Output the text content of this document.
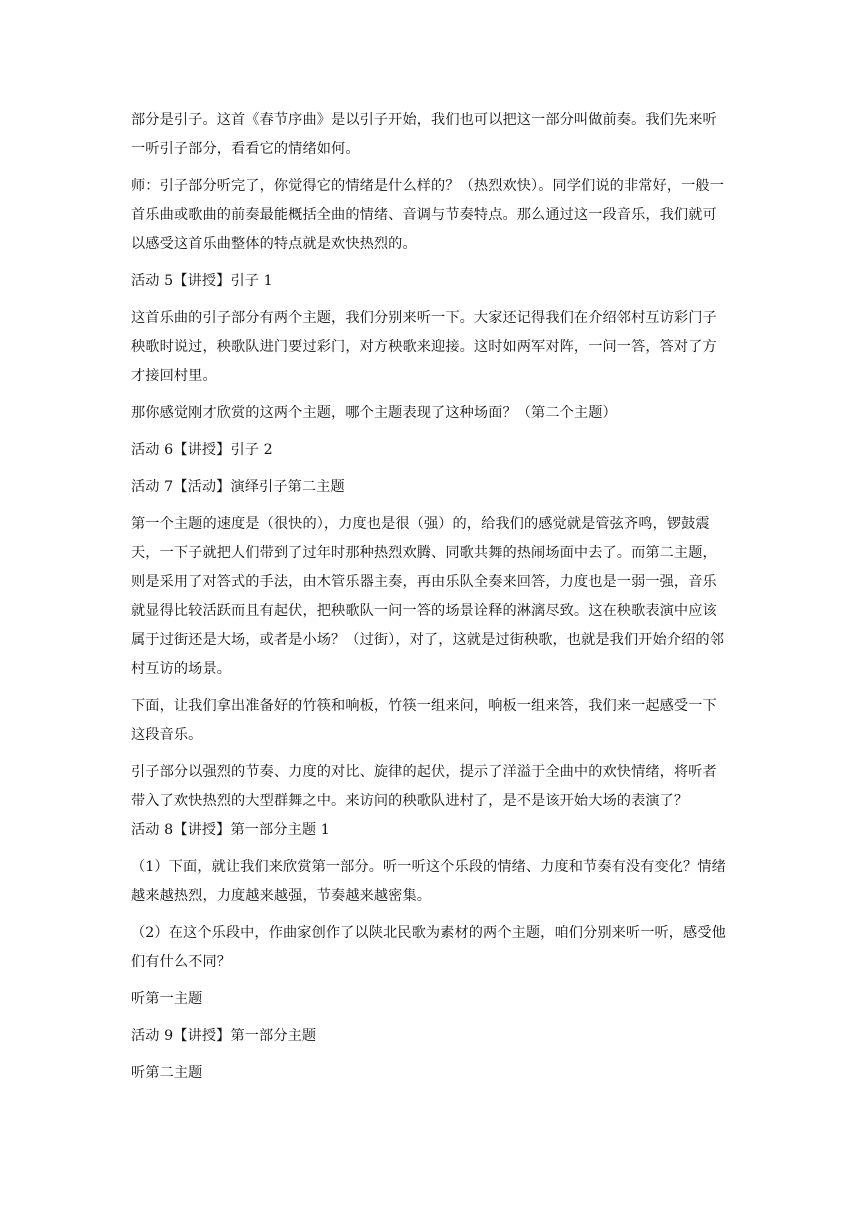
部分是引子。这首《春节序曲》是以引子开始，我们也可以把这一部分叫做前奏。我们先来听一听引子部分，看看它的情绪如何。

师：引子部分听完了，你觉得它的情绪是什么样的？（热烈欢快）。同学们说的非常好，一般一首乐曲或歌曲的前奏最能概括全曲的情绪、音调与节奏特点。那么通过这一段音乐，我们就可以感受这首乐曲整体的特点就是欢快热烈的。

活动 5【讲授】引子 1

这首乐曲的引子部分有两个主题，我们分别来听一下。大家还记得我们在介绍邻村互访彩门子秧歌时说过，秧歌队进门要过彩门，对方秧歌来迎接。这时如两军对阵，一问一答，答对了方才接回村里。

那你感觉刚才欣赏的这两个主题，哪个主题表现了这种场面？（第二个主题）

活动 6【讲授】引子 2

活动 7【活动】演绎引子第二主题

第一个主题的速度是（很快的），力度也是很（强）的，给我们的感觉就是管弦齐鸣，锣鼓震天，一下子就把人们带到了过年时那种热烈欢腾、同歌共舞的热闹场面中去了。而第二主题，则是采用了对答式的手法，由木管乐器主奏，再由乐队全奏来回答，力度也是一弱一强，音乐就显得比较活跃而且有起伏，把秧歌队一问一答的场景诠释的淋漓尽致。这在秧歌表演中应该属于过街还是大场，或者是小场？（过街），对了，这就是过街秧歌，也就是我们开始介绍的邻村互访的场景。

下面，让我们拿出准备好的竹筷和响板，竹筷一组来问，响板一组来答，我们来一起感受一下这段音乐。

引子部分以强烈的节奏、力度的对比、旋律的起伏，提示了洋溢于全曲中的欢快情绪，将听者带入了欢快热烈的大型群舞之中。来访问的秧歌队进村了，是不是该开始大场的表演了？

活动 8【讲授】第一部分主题 1

（1）下面，就让我们来欣赏第一部分。听一听这个乐段的情绪、力度和节奏有没有变化？情绪越来越热烈，力度越来越强，节奏越来越密集。

（2）在这个乐段中，作曲家创作了以陕北民歌为素材的两个主题，咱们分别来听一听，感受他们有什么不同？

听第一主题

活动 9【讲授】第一部分主题

听第二主题
